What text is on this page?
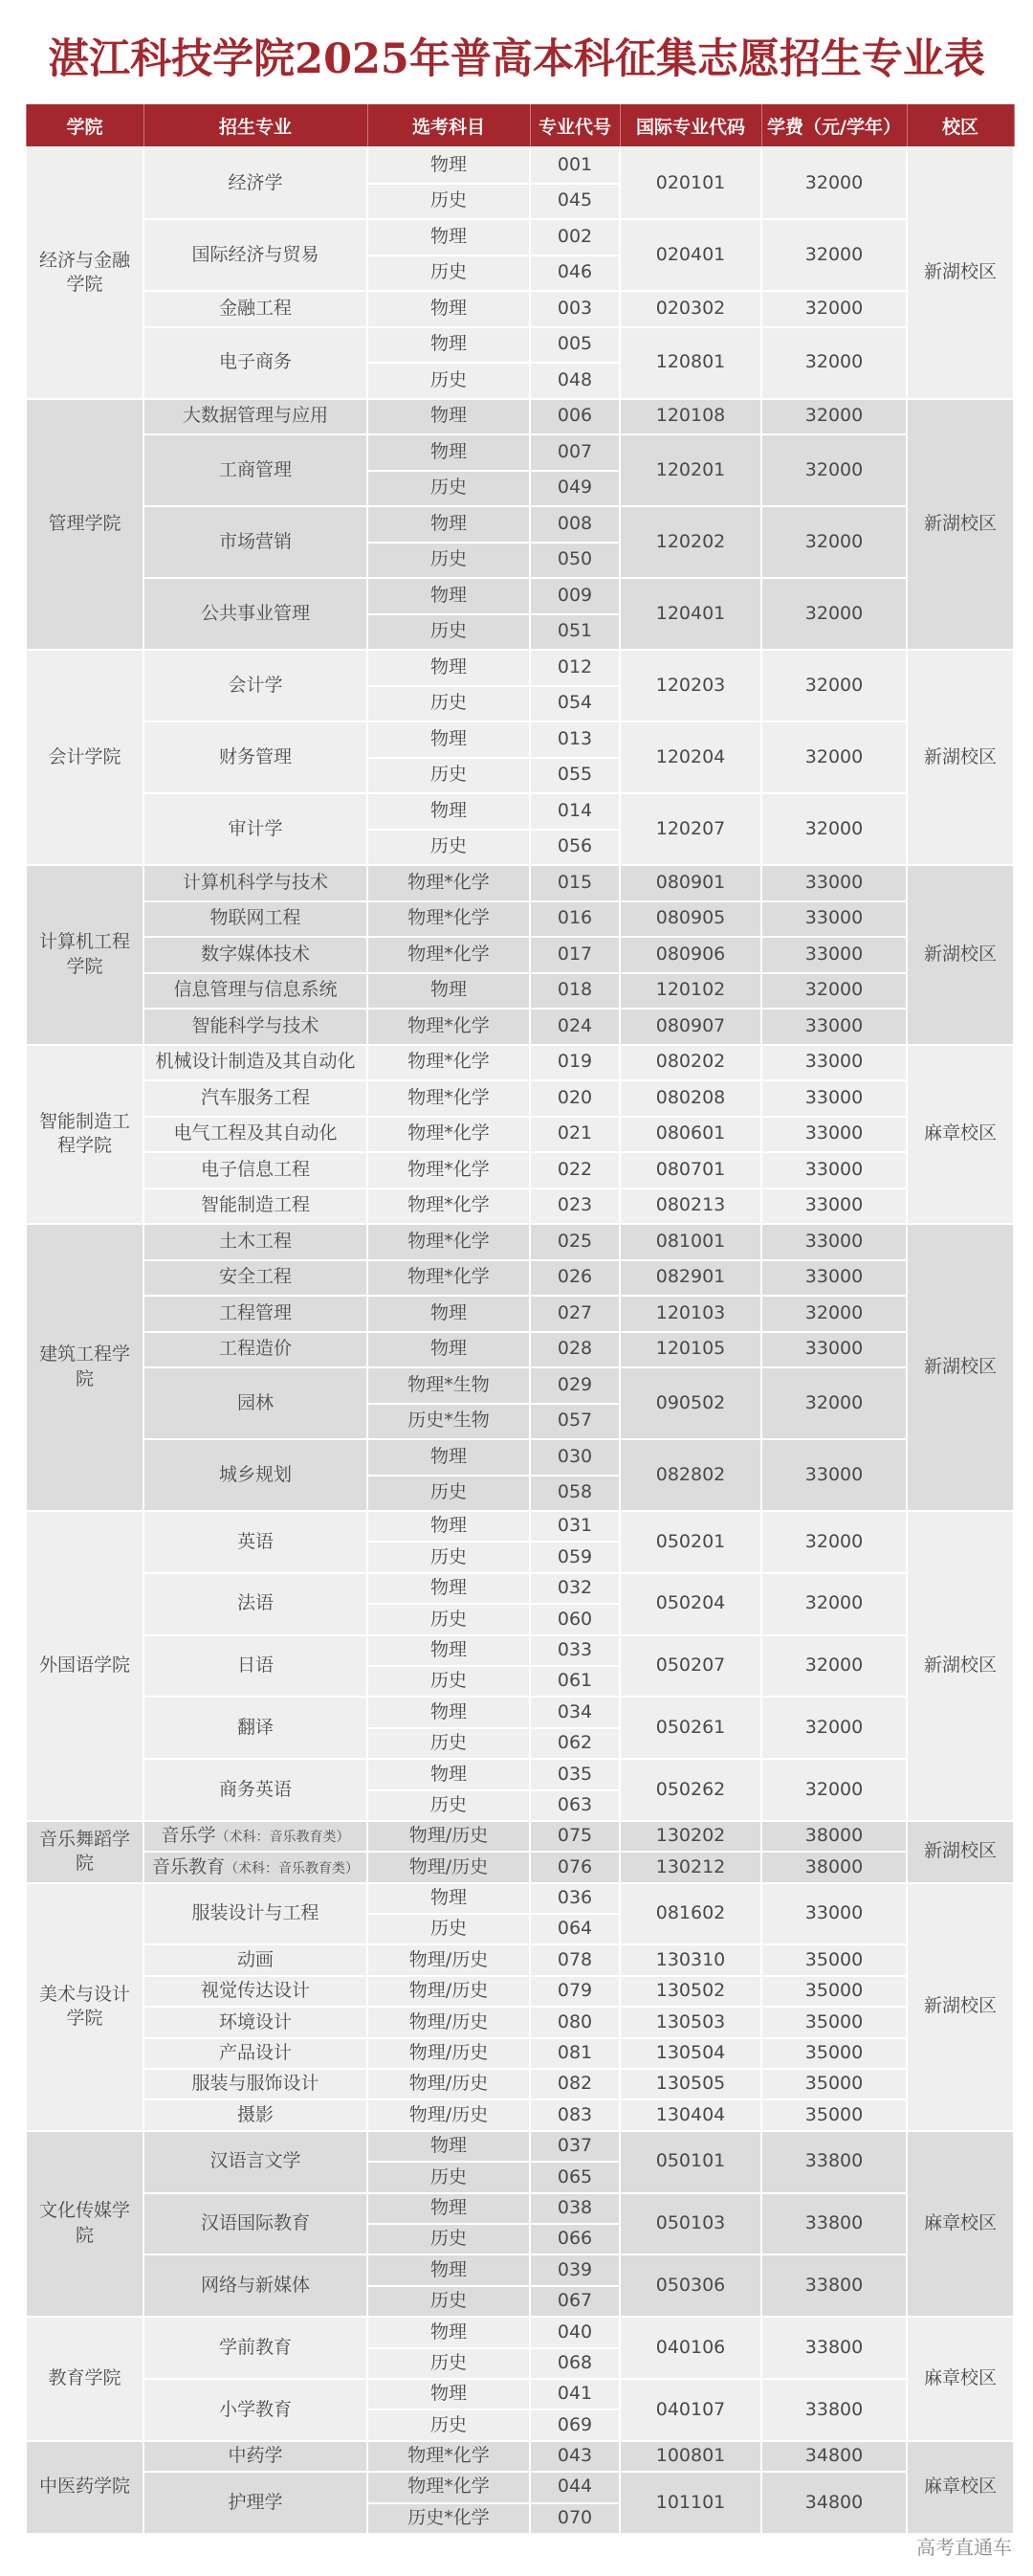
湛江科技学院2025年普高本科征集志愿招生专业表
学院	招生专业	选考科目	专业代号	国际专业代码	学费（元/学年）	校区
经济与金融学院	经济学	物理	001	020101	32000	新湖校区
		历史	045			
	国际经济与贸易	物理	002	020401	32000	
		历史	046			
	金融工程	物理	003	020302	32000	
	电子商务	物理	005	120801	32000	
		历史	048			
管理学院	大数据管理与应用	物理	006	120108	32000	新湖校区
	工商管理	物理	007	120201	32000	
		历史	049			
	市场营销	物理	008	120202	32000	
		历史	050			
	公共事业管理	物理	009	120401	32000	
		历史	051			
会计学院	会计学	物理	012	120203	32000	新湖校区
		历史	054			
	财务管理	物理	013	120204	32000	
		历史	055			
	审计学	物理	014	120207	32000	
		历史	056			
计算机工程学院	计算机科学与技术	物理*化学	015	080901	33000	新湖校区
	物联网工程	物理*化学	016	080905	33000	
	数字媒体技术	物理*化学	017	080906	33000	
	信息管理与信息系统	物理	018	120102	32000	
	智能科学与技术	物理*化学	024	080907	33000	
智能制造工程学院	机械设计制造及其自动化	物理*化学	019	080202	33000	麻章校区
	汽车服务工程	物理*化学	020	080208	33000	
	电气工程及其自动化	物理*化学	021	080601	33000	
	电子信息工程	物理*化学	022	080701	33000	
	智能制造工程	物理*化学	023	080213	33000	
建筑工程学院	土木工程	物理*化学	025	081001	33000	新湖校区
	安全工程	物理*化学	026	082901	33000	
	工程管理	物理	027	120103	32000	
	工程造价	物理	028	120105	33000	
	园林	物理*生物	029	090502	32000	
		历史*生物	057			
	城乡规划	物理	030	082802	33000	
		历史	058			
外国语学院	英语	物理	031	050201	32000	新湖校区
		历史	059			
	法语	物理	032	050204	32000	
		历史	060			
	日语	物理	033	050207	32000	
		历史	061			
	翻译	物理	034	050261	32000	
		历史	062			
	商务英语	物理	035	050262	32000	
		历史	063			
音乐舞蹈学院	音乐学（术科：音乐教育类）	物理/历史	075	130202	38000	新湖校区
	音乐教育（术科：音乐教育类）	物理/历史	076	130212	38000	
美术与设计学院	服装设计与工程	物理	036	081602	33000	新湖校区
		历史	064			
	动画	物理/历史	078	130310	35000	
	视觉传达设计	物理/历史	079	130502	35000	
	环境设计	物理/历史	080	130503	35000	
	产品设计	物理/历史	081	130504	35000	
	服装与服饰设计	物理/历史	082	130505	35000	
	摄影	物理/历史	083	130404	35000	
文化传媒学院	汉语言文学	物理	037	050101	33800	麻章校区
		历史	065			
	汉语国际教育	物理	038	050103	33800	
		历史	066			
	网络与新媒体	物理	039	050306	33800	
		历史	067			
教育学院	学前教育	物理	040	040106	33800	麻章校区
		历史	068			
	小学教育	物理	041	040107	33800	
		历史	069			
中医药学院	中药学	物理*化学	043	100801	34800	麻章校区
	护理学	物理*化学	044	101101	34800	
		历史*化学	070			
高考直通车
